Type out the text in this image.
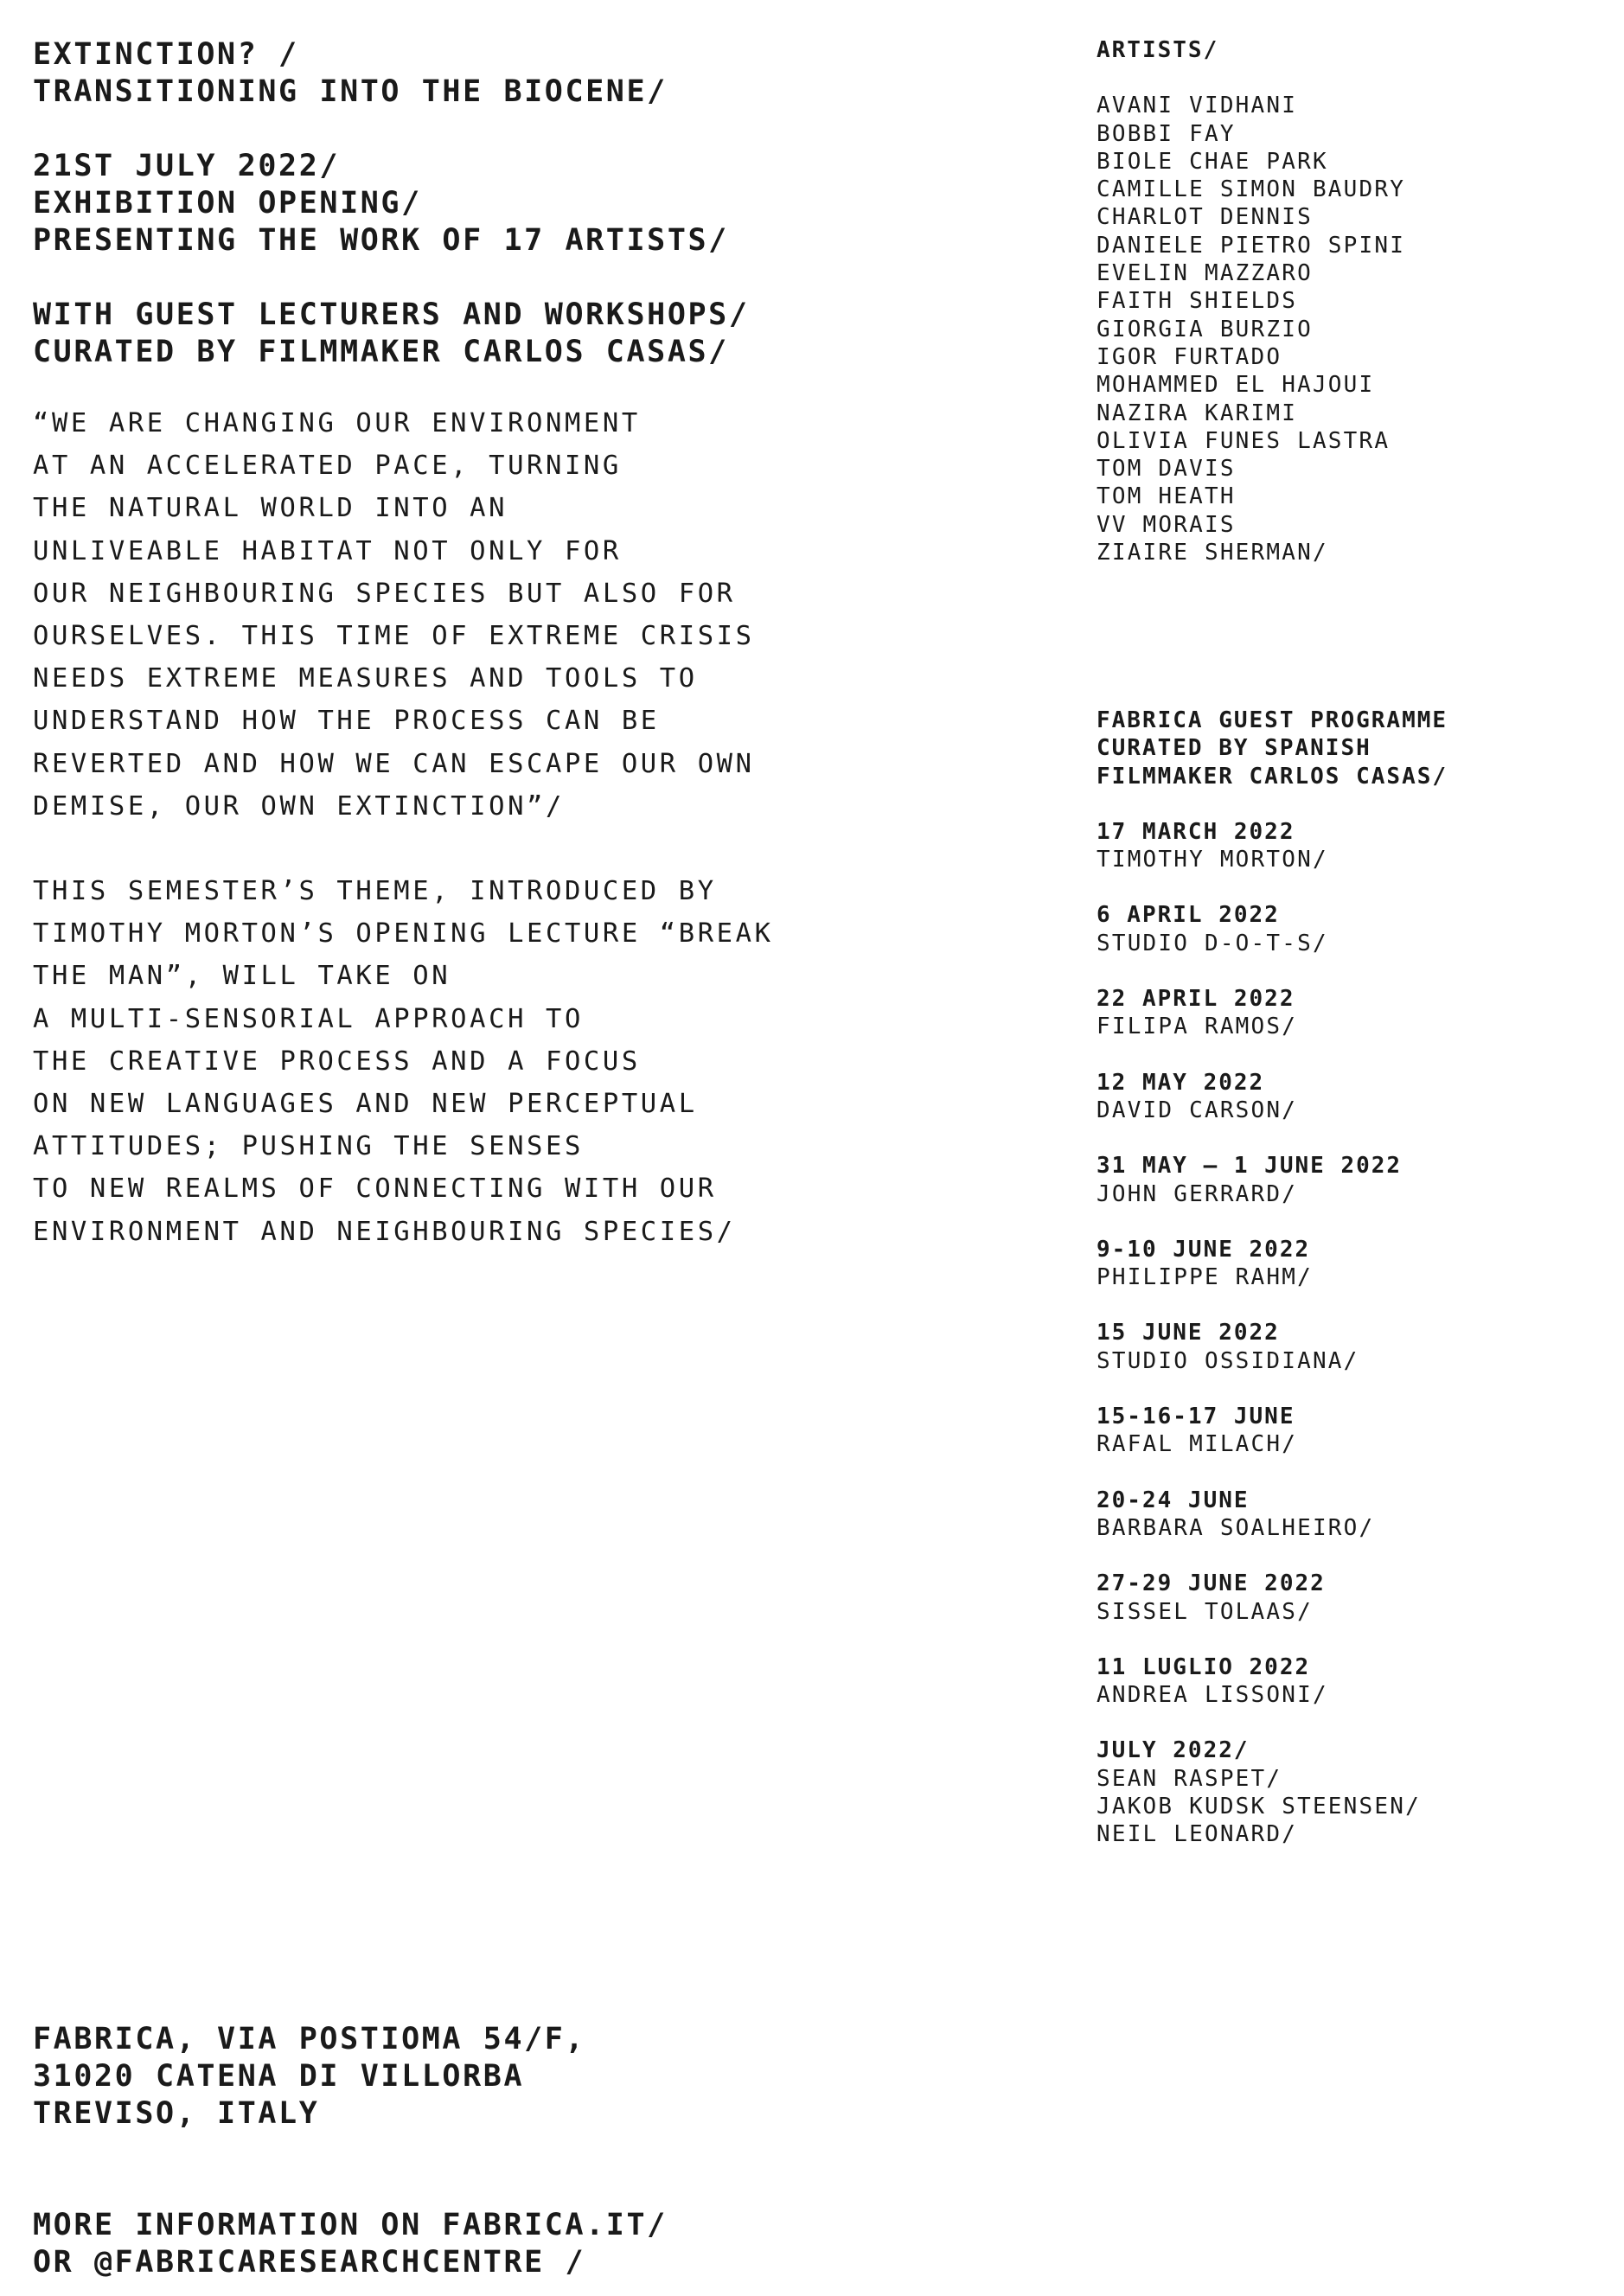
EXTINCTION? /
TRANSITIONING INTO THE BIOCENE/
21ST JULY 2022/
EXHIBITION OPENING/
PRESENTING THE WORK OF 17 ARTISTS/
WITH GUEST LECTURERS AND WORKSHOPS/
CURATED BY FILMMAKER CARLOS CASAS/
“WE ARE CHANGING OUR ENVIRONMENT
AT AN ACCELERATED PACE, TURNING
THE NATURAL WORLD INTO AN
UNLIVEABLE HABITAT NOT ONLY FOR
OUR NEIGHBOURING SPECIES BUT ALSO FOR
OURSELVES. THIS TIME OF EXTREME CRISIS
NEEDS EXTREME MEASURES AND TOOLS TO
UNDERSTAND HOW THE PROCESS CAN BE
REVERTED AND HOW WE CAN ESCAPE OUR OWN
DEMISE, OUR OWN EXTINCTION”/
THIS SEMESTER’S THEME, INTRODUCED BY
TIMOTHY MORTON’S OPENING LECTURE “BREAK
THE MAN”, WILL TAKE ON
A MULTI-SENSORIAL APPROACH TO
THE CREATIVE PROCESS AND A FOCUS
ON NEW LANGUAGES AND NEW PERCEPTUAL
ATTITUDES; PUSHING THE SENSES
TO NEW REALMS OF CONNECTING WITH OUR
ENVIRONMENT AND NEIGHBOURING SPECIES/
FABRICA, VIA POSTIOMA 54/F,
31020 CATENA DI VILLORBA
TREVISO, ITALY
MORE INFORMATION ON FABRICA.IT/
OR @FABRICARESEARCHCENTRE /
ARTISTS/
AVANI VIDHANI
BOBBI FAY
BIOLE CHAE PARK
CAMILLE SIMON BAUDRY
CHARLOT DENNIS
DANIELE PIETRO SPINI
EVELIN MAZZARO
FAITH SHIELDS
GIORGIA BURZIO
IGOR FURTADO
MOHAMMED EL HAJOUI
NAZIRA KARIMI
OLIVIA FUNES LASTRA
TOM DAVIS
TOM HEATH
VV MORAIS
ZIAIRE SHERMAN/
FABRICA GUEST PROGRAMME
CURATED BY SPANISH
FILMMAKER CARLOS CASAS/
17 MARCH 2022
TIMOTHY MORTON/
6 APRIL 2022
STUDIO D-O-T-S/
22 APRIL 2022
FILIPA RAMOS/
12 MAY 2022
DAVID CARSON/
31 MAY – 1 JUNE 2022
JOHN GERRARD/
9-10 JUNE 2022
PHILIPPE RAHM/
15 JUNE 2022
STUDIO OSSIDIANA/
15-16-17 JUNE
RAFAL MILACH/
20-24 JUNE
BARBARA SOALHEIRO/
27-29 JUNE 2022
SISSEL TOLAAS/
11 LUGLIO 2022
ANDREA LISSONI/
JULY 2022/
SEAN RASPET/
JAKOB KUDSK STEENSEN/
NEIL LEONARD/
